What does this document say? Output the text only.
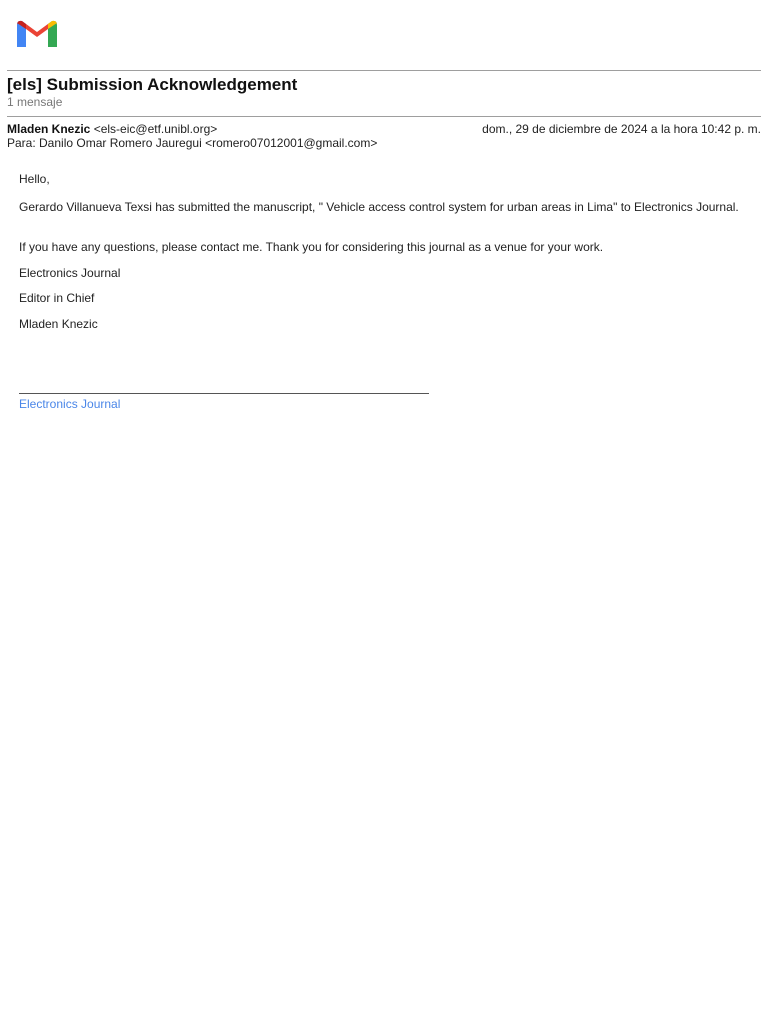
[els] Submission Acknowledgement
1 mensaje
Mladen Knezic <els-eic@etf.unibl.org>	dom., 29 de diciembre de 2024 a la hora 10:42 p. m.
Para: Danilo Omar Romero Jauregui <romero07012001@gmail.com>
Hello,
Gerardo Villanueva Texsi has submitted the manuscript, " Vehicle access control system for urban areas in Lima" to Electronics Journal.
If you have any questions, please contact me. Thank you for considering this journal as a venue for your work.
Electronics Journal
Editor in Chief
Mladen Knezic
Electronics Journal
